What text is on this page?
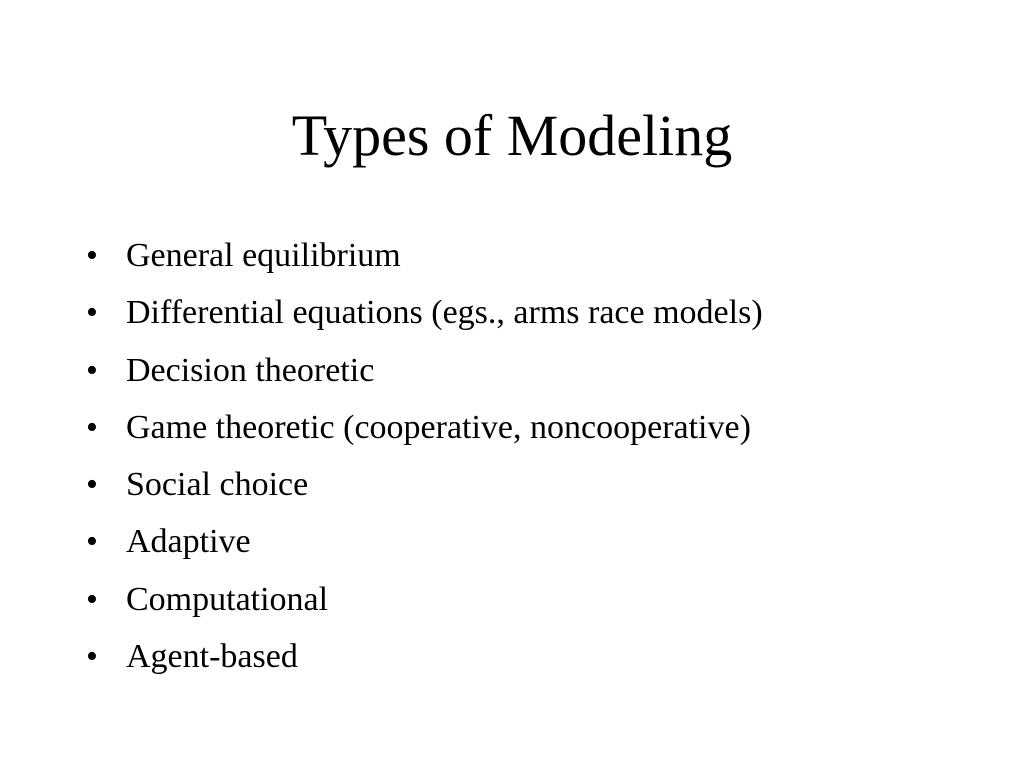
Types of Modeling
• General equilibrium
• Differential equations (egs., arms race models)
• Decision theoretic
• Game theoretic (cooperative, noncooperative)
• Social choice
• Adaptive
• Computational
• Agent-based
